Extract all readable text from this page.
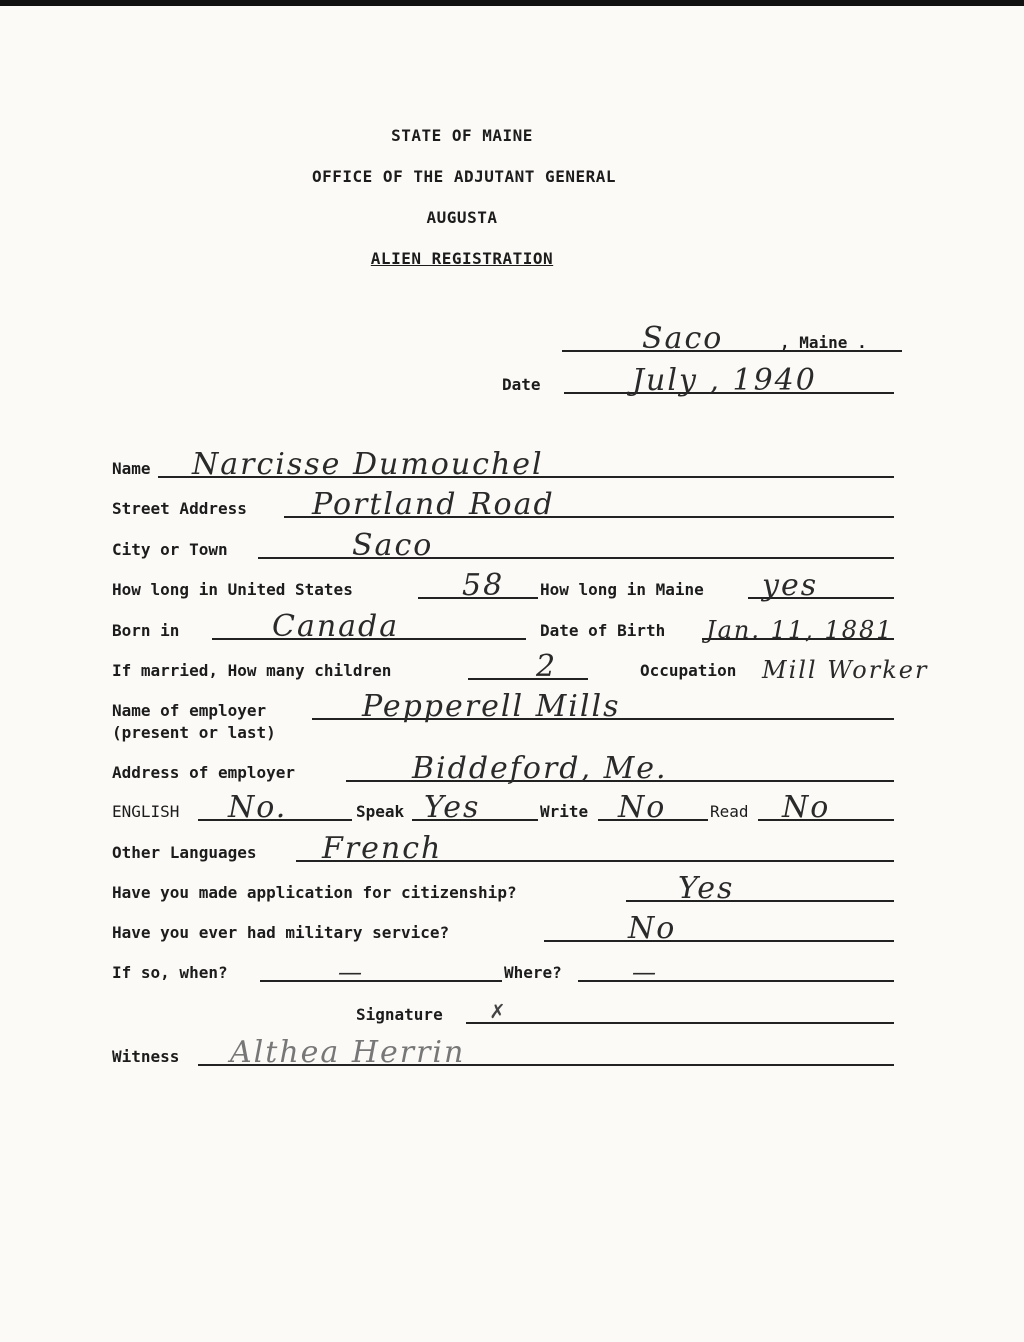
STATE OF MAINE
OFFICE OF THE ADJUTANT GENERAL
AUGUSTA
ALIEN REGISTRATION
Saco	, Maine .
Date	July , 1940
Name Narcisse Dumouchel
Street Address Portland Road
City or Town	Saco
How long in United States	58 How long in Maine yes
Born in	Canada	Date of Birth Jan. 11, 1881
If married, How many children	2	Occupation Mill Worker
Name of employer	Pepperell Mills
(present or last)
Address of employer	Biddeford, Me.
ENGLISH No.	Speak Yes	Write No	Read No
Other Languages French
Have you made application for citizenship?	Yes
Have you ever had military service?	No
If so, when?	—	Where?	—
Signature ✗
Witness Althea Herrin
